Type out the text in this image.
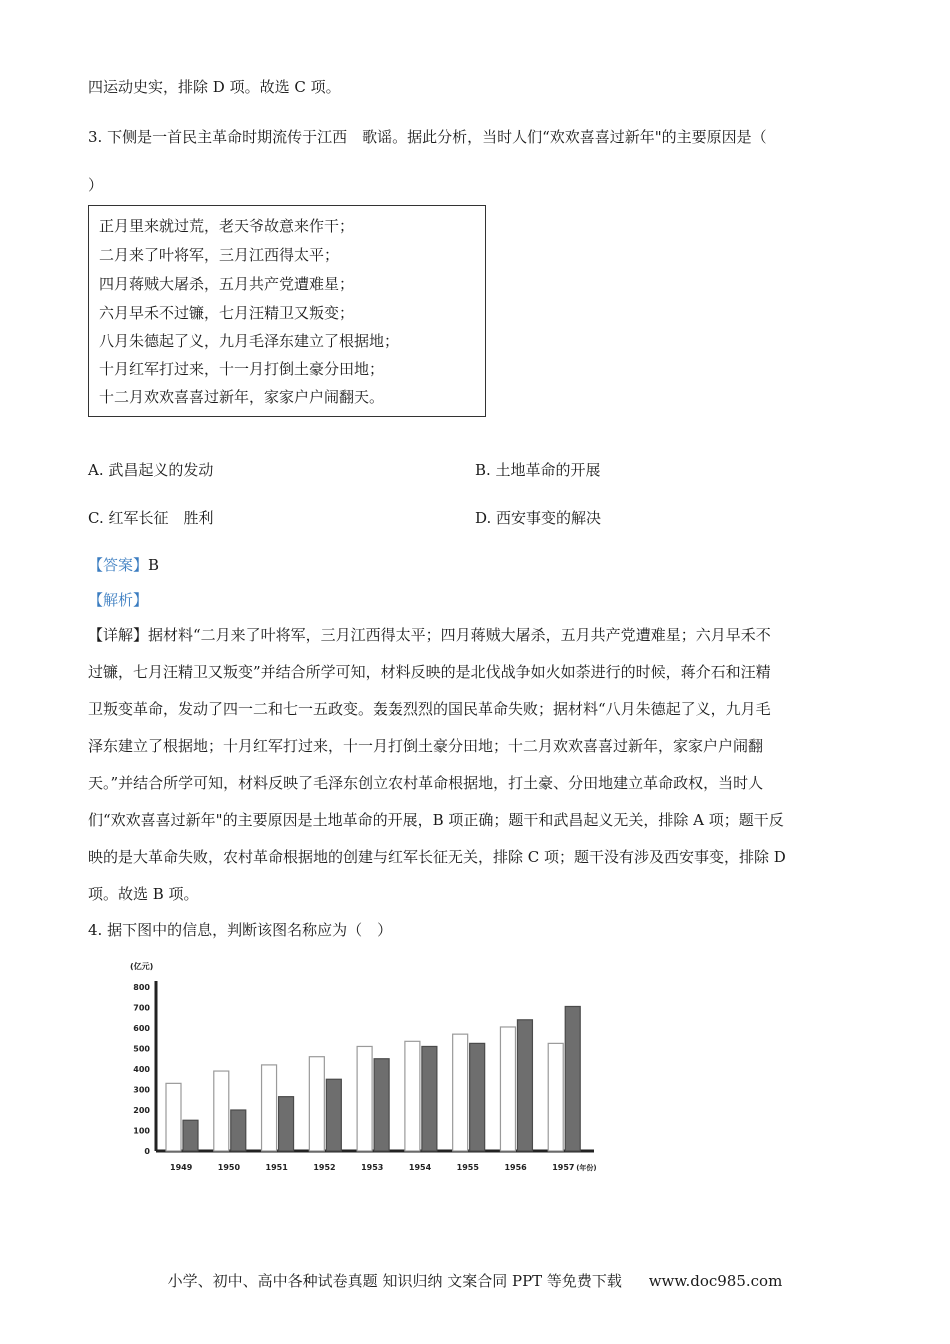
四运动史实，排除 D 项。故选 C 项。
3. 下侧是一首民主革命时期流传于江西　歌谣。据此分析，当时人们“欢欢喜喜过新年"的主要原因是（
）
正月里来就过荒，老天爷故意来作干；
二月来了叶将军，三月江西得太平；
四月蒋贼大屠杀，五月共产党遭难星；
六月早禾不过镰，七月汪精卫又叛变；
八月朱德起了义，九月毛泽东建立了根据地；
十月红军打过来，十一月打倒土豪分田地；
十二月欢欢喜喜过新年，家家户户闹翻天。
A. 武昌起义的发动	B. 土地革命的开展
C. 红军长征　胜利	D. 西安事变的解决
【答案】B
【解析】
【详解】据材料“二月来了叶将军，三月江西得太平；四月蒋贼大屠杀，五月共产党遭难星；六月早禾不
过镰，七月汪精卫又叛变”并结合所学可知，材料反映的是北伐战争如火如荼进行的时候，蒋介石和汪精
卫叛变革命，发动了四一二和七一五政变。轰轰烈烈的国民革命失败；据材料“八月朱德起了义，九月毛
泽东建立了根据地；十月红军打过来，十一月打倒土豪分田地；十二月欢欢喜喜过新年，家家户户闹翻
天。”并结合所学可知，材料反映了毛泽东创立农村革命根据地，打土豪、分田地建立革命政权，当时人
们“欢欢喜喜过新年"的主要原因是土地革命的开展，B 项正确；题干和武昌起义无关，排除 A 项；题干反
映的是大革命失败，农村革命根据地的创建与红军长征无关，排除 C 项；题干没有涉及西安事变，排除 D
项。故选 B 项。
4. 据下图中的信息，判断该图名称应为（　）
(亿元)
0
100
200
300
400
500
600
700
800
1949	1950	1951	1952	1953	1954	1955	1956	1957 (年份)
小学、初中、高中各种试卷真题 知识归纳 文案合同 PPT 等免费下载 www.doc985.com
